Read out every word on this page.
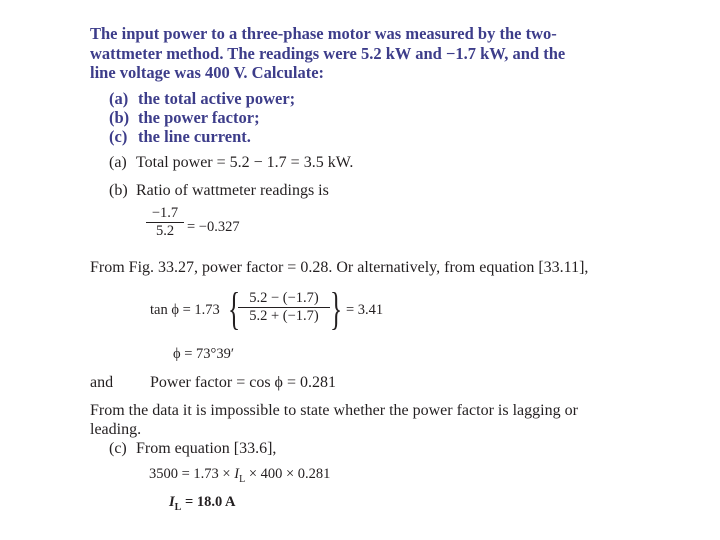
The input power to a three-phase motor was measured by the two-
wattmeter method. The readings were 5.2 kW and −1.7 kW, and the
line voltage was 400 V. Calculate:
(a) the total active power;
(b) the power factor;
(c) the line current.
(a) Total power = 5.2 − 1.7 = 3.5 kW.
(b) Ratio of wattmeter readings is
$\frac{-1.7}{5.2} = -0.327$
From Fig. 33.27, power factor = 0.28. Or alternatively, from equation [33.11],
tan ϕ = 1.73 {
$\frac{5.2 - (-1.7)}{5.2 + (-1.7)}$ } = 3.41
ϕ = 73°39′
and Power factor = cos ϕ = 0.281
From the data it is impossible to state whether the power factor is lagging or
leading.
(c) From equation [33.6],
$3500 = 1.73 \times I_L \times 400 \times 0.281$
$I_L = 18.0$ A
